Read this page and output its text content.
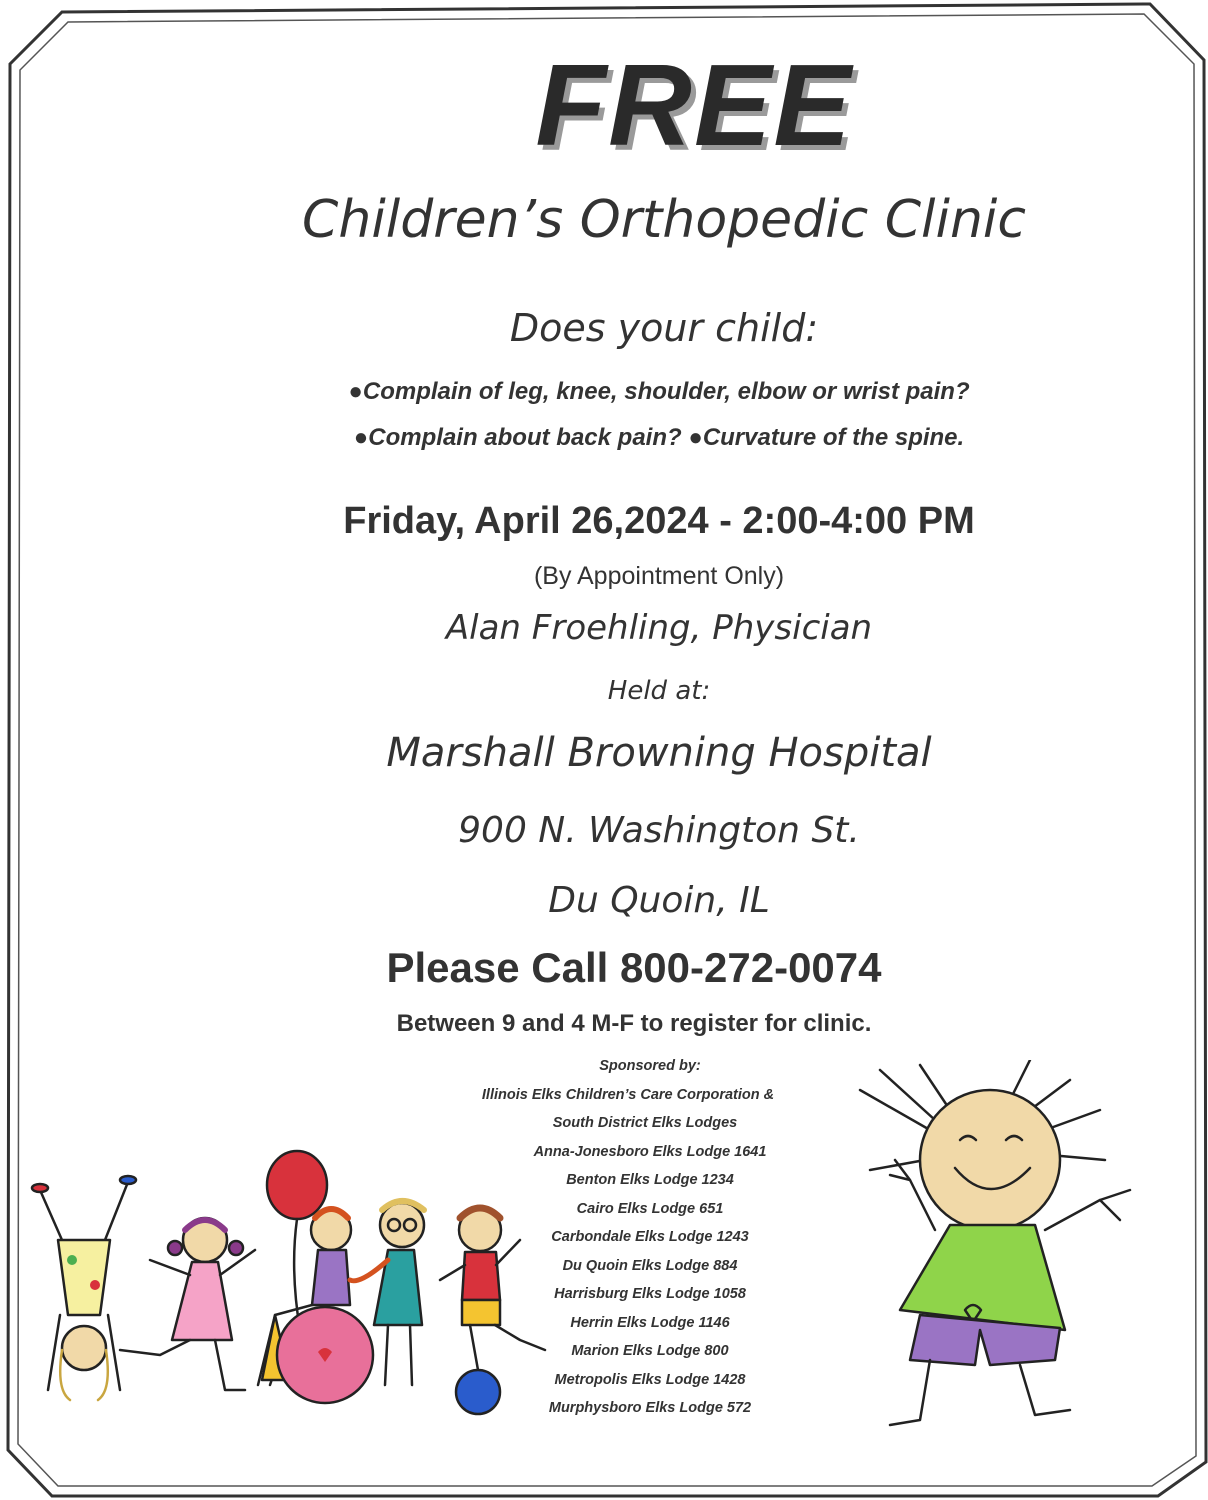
FREE
Children’s Orthopedic Clinic
Does your child:
●Complain of leg, knee, shoulder, elbow or wrist pain?
●Complain about back pain? ●Curvature of the spine.
Friday, April 26,2024 - 2:00-4:00 PM
(By Appointment Only)
Alan Froehling, Physician
Held at:
Marshall Browning Hospital
900 N. Washington St.
Du Quoin, IL
Please Call 800-272-0074
Between 9 and 4 M-F to register for clinic.
Sponsored by:
Illinois Elks Children’s Care Corporation &
South District Elks Lodges
Anna-Jonesboro Elks Lodge 1641
Benton Elks Lodge 1234
Cairo Elks Lodge 651
Carbondale Elks Lodge 1243
Du Quoin Elks Lodge 884
Harrisburg Elks Lodge 1058
Herrin Elks Lodge 1146
Marion Elks Lodge 800
Metropolis Elks Lodge 1428
Murphysboro Elks Lodge 572
